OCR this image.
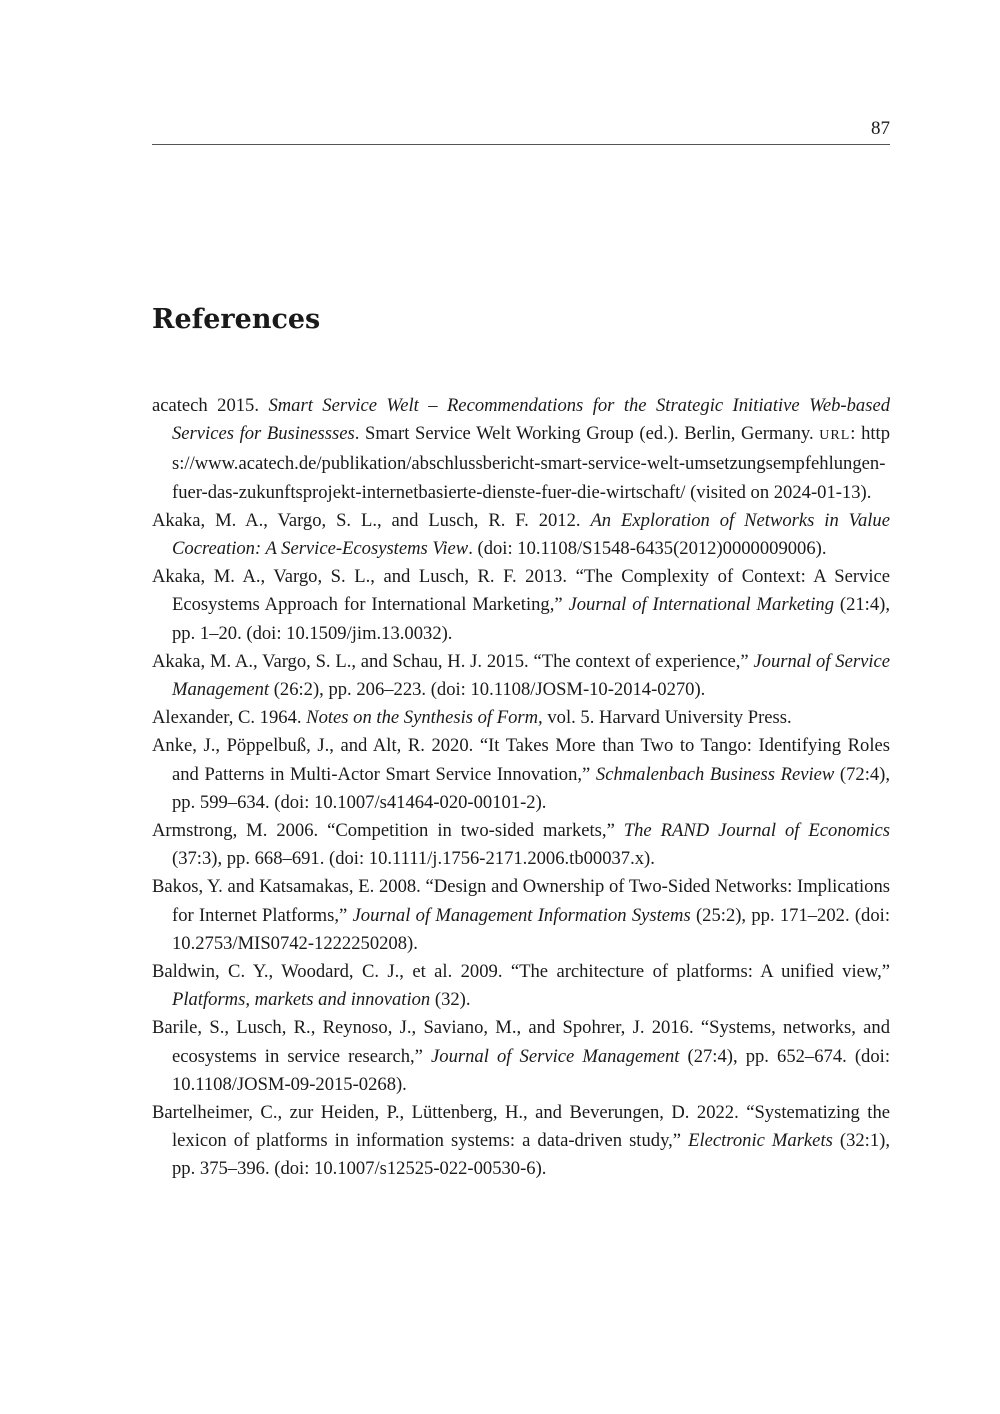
87
References

acatech 2015. Smart Service Welt – Recommendations for the Strategic Initiative Web-based Services for Businessses. Smart Service Welt Working Group (ed.). Berlin, Germany. URL: https://www.acatech.de/publikation/abschlussbericht-smart-service-welt-umsetzungsempfehlungen-fuer-das-zukunftsprojekt-internetbasierte-dienste-fuer-die-wirtschaft/ (visited on 2024-01-13).

Akaka, M. A., Vargo, S. L., and Lusch, R. F. 2012. An Exploration of Networks in Value Cocreation: A Service-Ecosystems View. (doi: 10.1108/S1548-6435(2012)0000009006).

Akaka, M. A., Vargo, S. L., and Lusch, R. F. 2013. “The Complexity of Context: A Service Ecosystems Approach for International Marketing,” Journal of International Marketing (21:4), pp. 1–20. (doi: 10.1509/jim.13.0032).

Akaka, M. A., Vargo, S. L., and Schau, H. J. 2015. “The context of experience,” Journal of Service Management (26:2), pp. 206–223. (doi: 10.1108/JOSM-10-2014-0270).

Alexander, C. 1964. Notes on the Synthesis of Form, vol. 5. Harvard University Press.

Anke, J., Pöppelbuß, J., and Alt, R. 2020. “It Takes More than Two to Tango: Identifying Roles and Patterns in Multi-Actor Smart Service Innovation,” Schmalenbach Business Review (72:4), pp. 599–634. (doi: 10.1007/s41464-020-00101-2).

Armstrong, M. 2006. “Competition in two-sided markets,” The RAND Journal of Economics (37:3), pp. 668–691. (doi: 10.1111/j.1756-2171.2006.tb00037.x).

Bakos, Y. and Katsamakas, E. 2008. “Design and Ownership of Two-Sided Networks: Implications for Internet Platforms,” Journal of Management Information Systems (25:2), pp. 171–202. (doi: 10.2753/MIS0742-1222250208).

Baldwin, C. Y., Woodard, C. J., et al. 2009. “The architecture of platforms: A unified view,” Platforms, markets and innovation (32).

Barile, S., Lusch, R., Reynoso, J., Saviano, M., and Spohrer, J. 2016. “Systems, networks, and ecosystems in service research,” Journal of Service Management (27:4), pp. 652–674. (doi: 10.1108/JOSM-09-2015-0268).

Bartelheimer, C., zur Heiden, P., Lüttenberg, H., and Beverungen, D. 2022. “Systematizing the lexicon of platforms in information systems: a data-driven study,” Electronic Markets (32:1), pp. 375–396. (doi: 10.1007/s12525-022-00530-6).
